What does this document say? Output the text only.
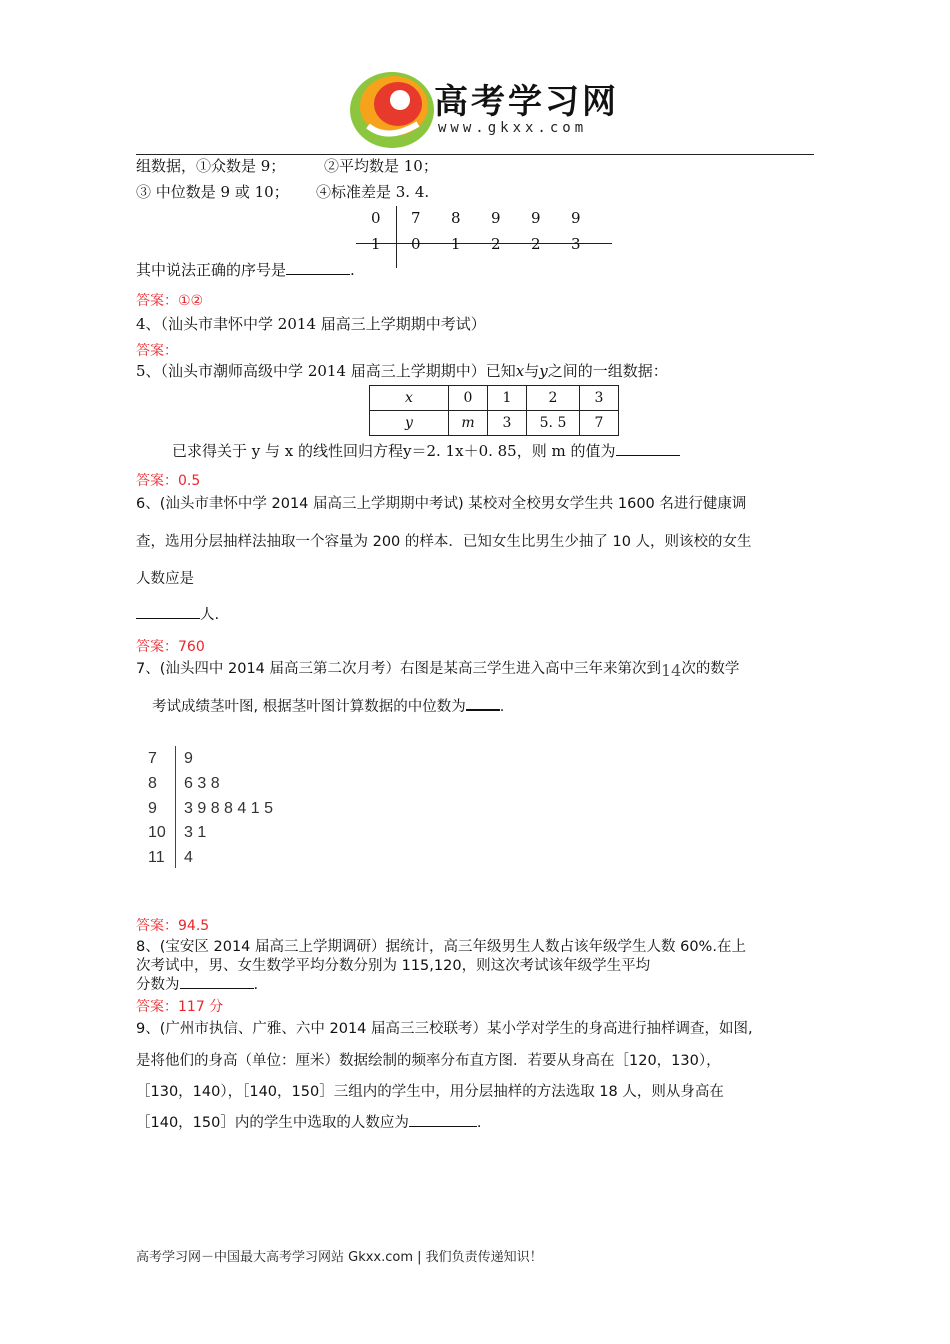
高考学习网
www.gkxx.com
组数据，①众数是 9；	②平均数是 10；
③ 中位数是 9 或 10； ④标准差是 3. 4.
0 7 8 9 9 9
1 0 1 2 2 3
其中说法正确的序号是	.
答案：①②
4、（汕头市聿怀中学 2014 届高三上学期期中考试）
答案：
5、（汕头市潮师高级中学 2014 届高三上学期期中）已知x与y之间的一组数据：
x	0	1	2	3
y	m	3	5. 5	7
已求得关于 y 与 x 的线性回归方程y＝2. 1x＋0. 85，则 m 的值为
答案：0.5
6、(汕头市聿怀中学 2014 届高三上学期期中考试) 某校对全校男女学生共 1600 名进行健康调
查，选用分层抽样法抽取一个容量为 200 的样本．已知女生比男生少抽了 10 人，则该校的女生
人数应是
人.
答案：760
7、(汕头四中 2014 届高三第二次月考）右图是某高三学生进入高中三年来第次到14次的数学
考试成绩茎叶图, 根据茎叶图计算数据的中位数为 .
7 9
8 6 3 8
9 3 9 8 8 4 1 5
10 3 1
11 4
答案：94.5
8、(宝安区 2014 届高三上学期调研）据统计，高三年级男生人数占该年级学生人数 60%.在上
次考试中，男、女生数学平均分数分别为 115,120，则这次考试该年级学生平均
分数为	.
答案：117 分
9、(广州市执信、广雅、六中 2014 届高三三校联考）某小学对学生的身高进行抽样调查，如图,
是将他们的身高（单位：厘米）数据绘制的频率分布直方图．若要从身高在［120，130），
［130，140），［140，150］三组内的学生中，用分层抽样的方法选取 18 人，则从身高在
［140，150］内的学生中选取的人数应为	.
高考学习网－中国最大高考学习网站 Gkxx.com | 我们负责传递知识！
